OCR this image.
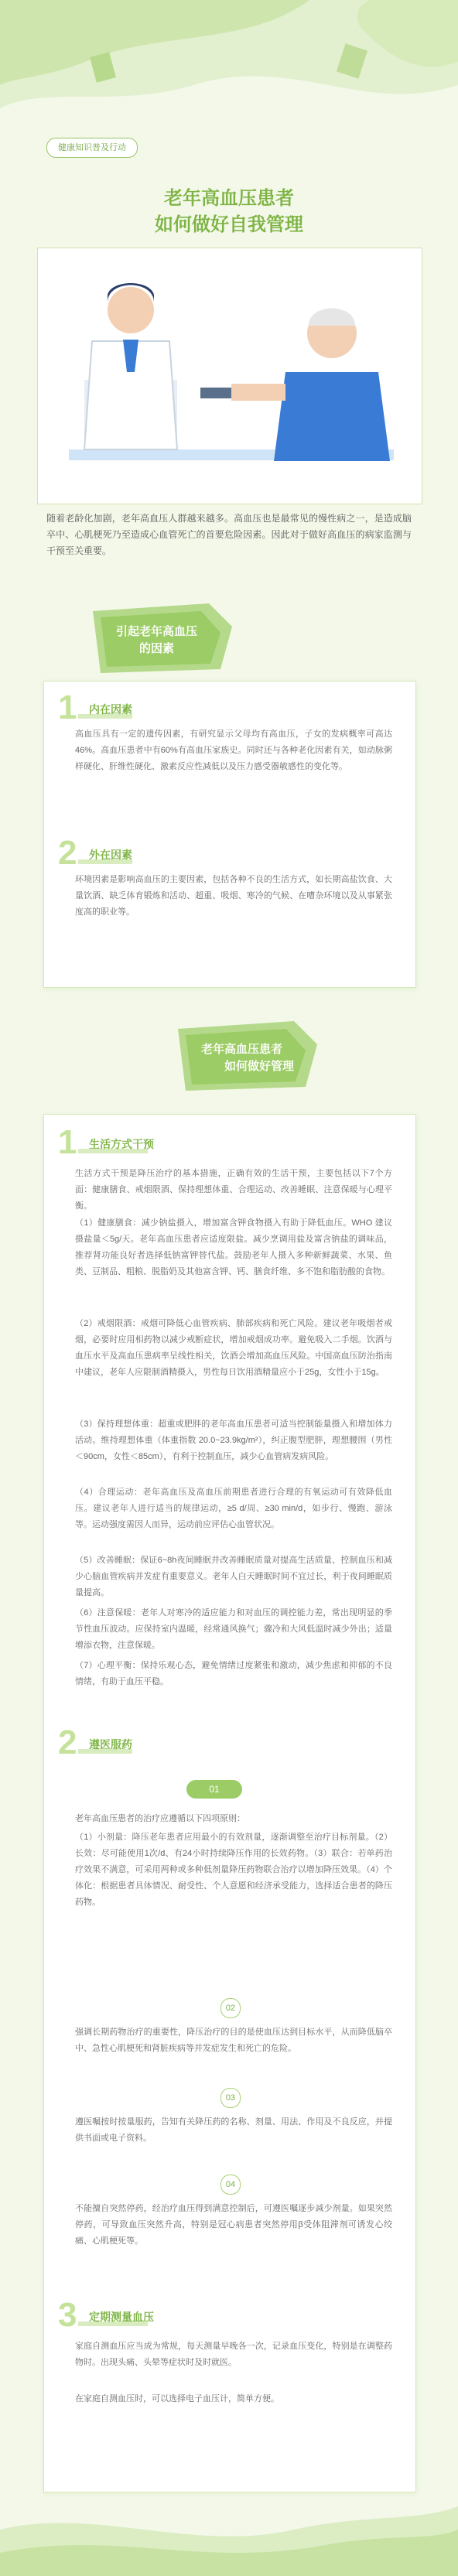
健康知识普及行动
老年高血压患者
如何做好自我管理
随着老龄化加剧，老年高血压人群越来越多。高血压也是最常见的慢性病之一，是造成脑卒中、心肌梗死乃至造成心血管死亡的首要危险因素。因此对于做好高血压的病家监测与干预至关重要。
引起老年高血压
的因素
1 内在因素
高血压具有一定的遗传因素，有研究显示父母均有高血压，子女的发病概率可高达46%。高血压患者中有60%有高血压家族史。同时还与各种老化因素有关，如动脉粥样硬化、肝维性硬化、激素反应性减低以及压力感受器敏感性的变化等。
2 外在因素
环境因素是影响高血压的主要因素，包括各种不良的生活方式，如长期高盐饮食、大量饮酒、缺乏体育锻炼和活动、超重、吸烟、寒冷的气候、在嘈杂环境以及从事紧张度高的职业等。
老年高血压患者
如何做好管理
1 生活方式干预
生活方式干预是降压治疗的基本措施，正确有效的生活干预，主要包括以下7个方面：健康膳食、戒烟限酒、保持理想体重、合理运动、改善睡眠、注意保暖与心理平衡。
（1）健康膳食：减少钠盐摄入，增加富含钾食物摄入有助于降低血压。WHO 建议摄盐量＜5g/天。老年高血压患者应适度限盐。减少烹调用盐及富含钠盐的调味品，推荐肾功能良好者选择低钠富钾替代盐。鼓励老年人摄入多种新鲜蔬菜、水果、鱼类、豆制品、粗粮、脱脂奶及其他富含钾、钙、膳食纤维、多不饱和脂肪酸的食物。
（2）戒烟限酒：戒烟可降低心血管疾病、肺部疾病和死亡风险。建议老年吸烟者戒烟，必要时应用相药物以减少戒断症状，增加戒烟成功率。避免吸入二手烟。饮酒与血压水平及高血压患病率呈线性相关，饮酒会增加高血压风险。中国高血压防治指南中建议，老年人应限制酒精摄入，男性每日饮用酒精量应小于25g，女性小于15g。
（3）保持理想体重：超重或肥胖的老年高血压患者可适当控制能量摄入和增加体力活动。维持理想体重（体重指数 20.0~23.9kg/m²），纠正腹型肥胖，理想腰围（男性＜90cm，女性＜85cm），有利于控制血压，减少心血管病发病风险。
（4）合理运动：老年高血压及高血压前期患者进行合理的有氧运动可有效降低血压。建议老年人进行适当的规律运动，≥5 d/周、≥30 min/d，如步行、慢跑、游泳等。运动强度需因人而异，运动前应评估心血管状况。
（5）改善睡眠：保证6~8h夜间睡眠并改善睡眠质量对提高生活质量、控制血压和减少心脑血管疾病并发症有重要意义。老年人白天睡眠时间不宜过长，利于夜间睡眠质量提高。
（6）注意保暖：老年人对寒冷的适应能力和对血压的调控能力差，常出现明显的季节性血压波动。应保持室内温暖，经常通风换气；骤冷和大风低温时减少外出；适量增添衣物，注意保暖。
（7）心理平衡：保持乐观心态，避免情绪过度紧张和激动，减少焦虑和抑郁的不良情绪，有助于血压平稳。
2 遵医服药
01
老年高血压患者的治疗应遵循以下四项原则：
（1）小剂量：降压老年患者应用最小的有效剂量，逐渐调整至治疗目标剂量。（2）长效：尽可能使用1次/d、有24小时持续降压作用的长效药物。（3）联合：若单药治疗效果不满意，可采用两种或多种低剂量降压药物联合治疗以增加降压效果。（4）个体化：根据患者具体情况、耐受性、个人意愿和经济承受能力，选择适合患者的降压药物。
02
强调长期药物治疗的重要性，降压治疗的目的是使血压达到目标水平，从而降低脑卒中、急性心肌梗死和肾脏疾病等并发症发生和死亡的危险。
03
遵医嘱按时按量服药，告知有关降压药的名称、剂量、用法、作用及不良反应，并提供书面或电子资料。
04
不能擅自突然停药，经治疗血压得到满意控制后，可遵医嘱逐步减少剂量。如果突然停药，可导致血压突然升高，特别是冠心病患者突然停用β受体阻滞剂可诱发心绞痛、心肌梗死等。
3 定期测量血压
家庭自测血压应当成为常规，每天测量早晚各一次，记录血压变化，特别是在调整药物时。出现头痛、头晕等症状时及时就医。
在家庭自测血压时，可以选择电子血压计，简单方便。
